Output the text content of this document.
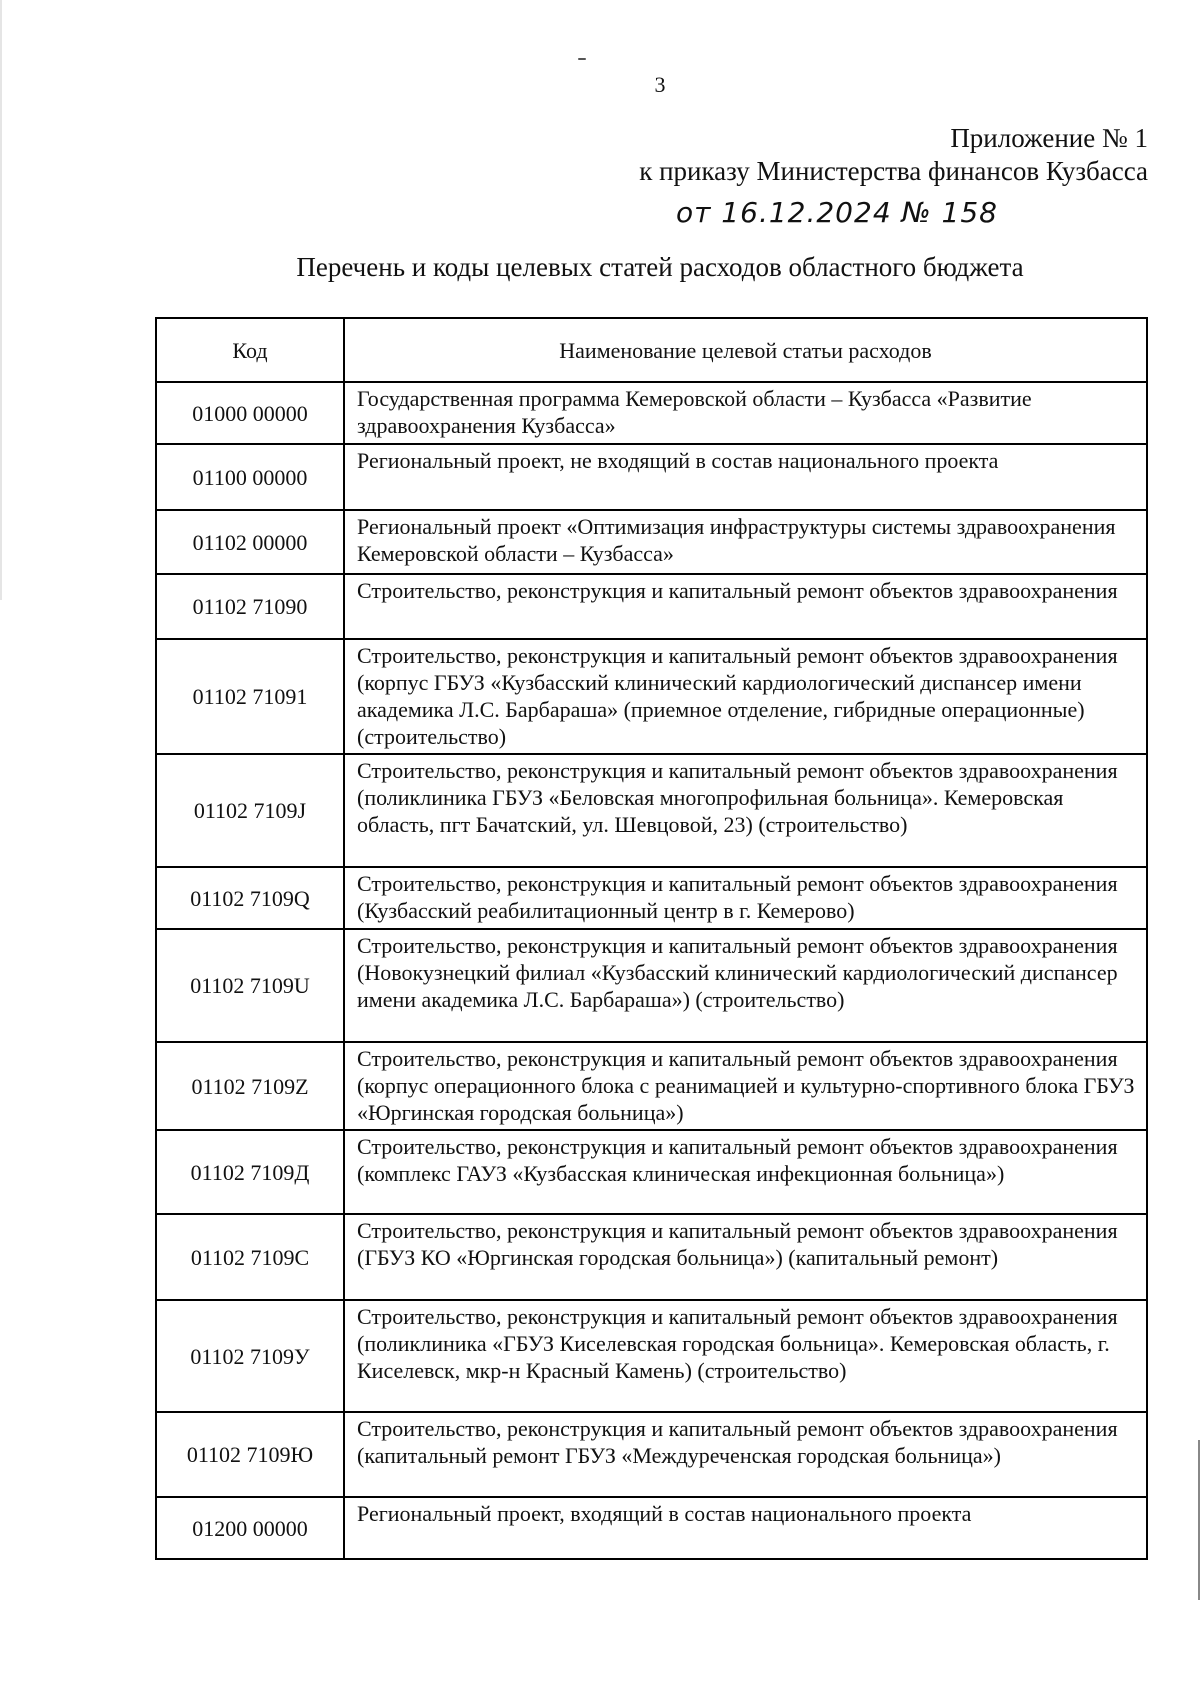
3
Приложение № 1
к приказу Министерства финансов Кузбасса
от 16.12.2024 № 158
Перечень и коды целевых статей расходов областного бюджета
Код	Наименование целевой статьи расходов
01000 00000	Государственная программа Кемеровской области – Кузбасса «Развитие здравоохранения Кузбасса»
01100 00000	Региональный проект, не входящий в состав национального проекта
01102 00000	Региональный проект «Оптимизация инфраструктуры системы здравоохранения Кемеровской области – Кузбасса»
01102 71090	Строительство, реконструкция и капитальный ремонт объектов здравоохранения
01102 71091	Строительство, реконструкция и капитальный ремонт объектов здравоохранения (корпус ГБУЗ «Кузбасский клинический кардиологический диспансер имени академика Л.С. Барбараша» (приемное отделение, гибридные операционные) (строительство)
01102 7109J	Строительство, реконструкция и капитальный ремонт объектов здравоохранения (поликлиника ГБУЗ «Беловская многопрофильная больница». Кемеровская область, пгт Бачатский, ул. Шевцовой, 23) (строительство)
01102 7109Q	Строительство, реконструкция и капитальный ремонт объектов здравоохранения (Кузбасский реабилитационный центр в г. Кемерово)
01102 7109U	Строительство, реконструкция и капитальный ремонт объектов здравоохранения (Новокузнецкий филиал «Кузбасский клинический кардиологический диспансер имени академика Л.С. Барбараша») (строительство)
01102 7109Z	Строительство, реконструкция и капитальный ремонт объектов здравоохранения (корпус операционного блока с реанимацией и культурно-спортивного блока ГБУЗ «Юргинская городская больница»)
01102 7109Д	Строительство, реконструкция и капитальный ремонт объектов здравоохранения (комплекс ГАУЗ «Кузбасская клиническая инфекционная больница»)
01102 7109С	Строительство, реконструкция и капитальный ремонт объектов здравоохранения (ГБУЗ КО «Юргинская городская больница») (капитальный ремонт)
01102 7109У	Строительство, реконструкция и капитальный ремонт объектов здравоохранения (поликлиника «ГБУЗ Киселевская городская больница». Кемеровская область, г. Киселевск, мкр-н Красный Камень) (строительство)
01102 7109Ю	Строительство, реконструкция и капитальный ремонт объектов здравоохранения (капитальный ремонт ГБУЗ «Междуреченская городская больница»)
01200 00000	Региональный проект, входящий в состав национального проекта
